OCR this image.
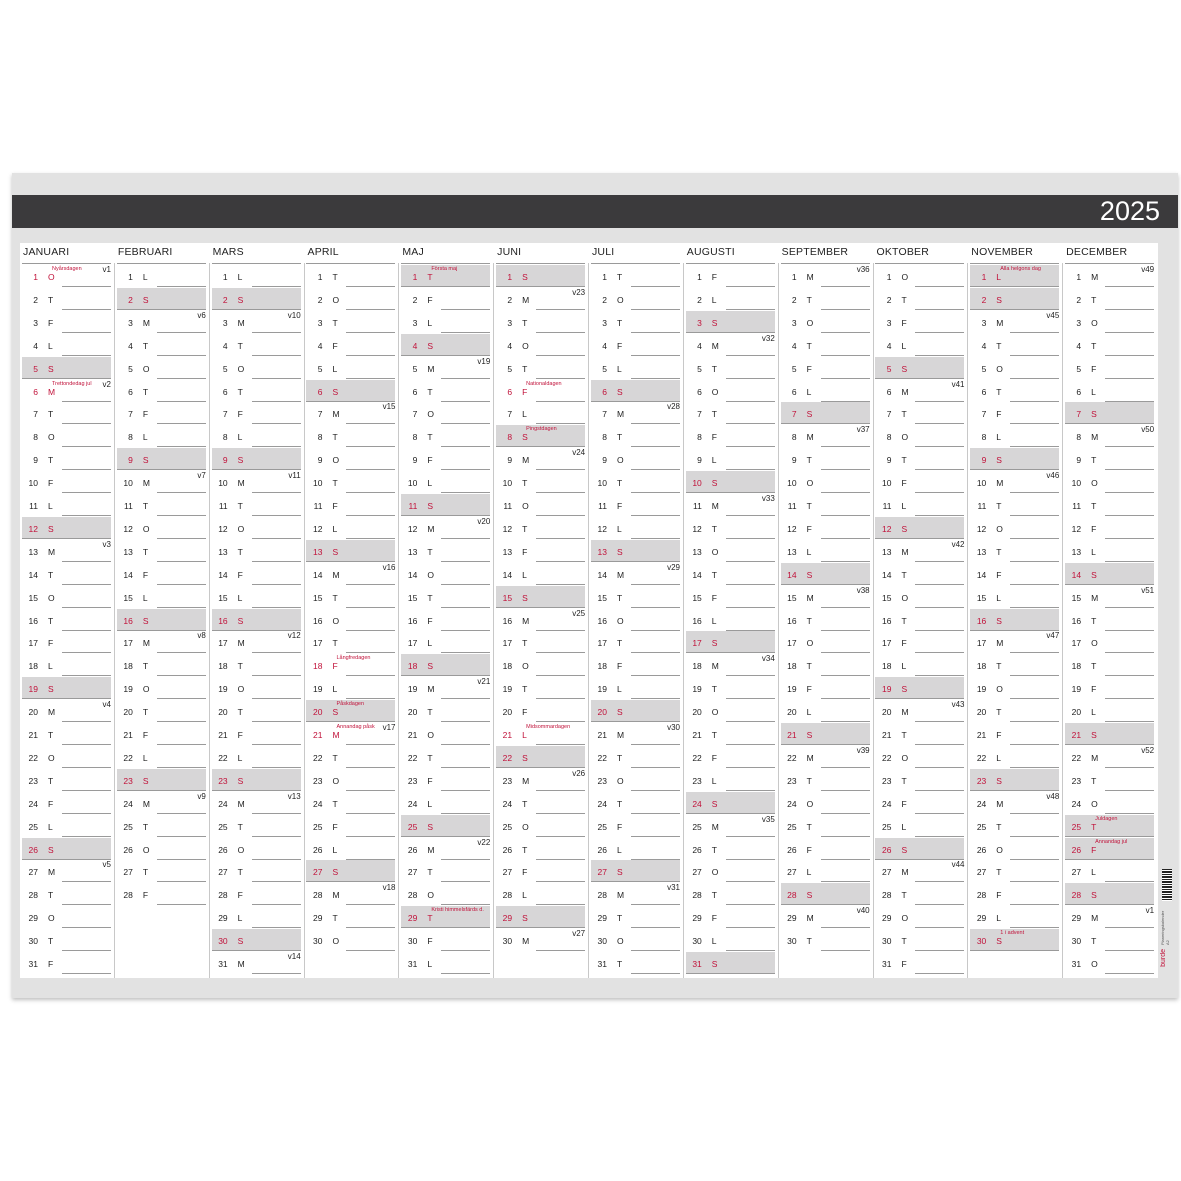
2025
JANUARI
1 O
Nyårsdagen	v1
2 T
3 F
4 L
5 S
6 M
Trettondedag jul v2
7 T
8 O
9 T
10 F
11 L
12 S
13 M
v3
14 T
15 O
16 T
17 F
18 L
19 S
20 M
v4
21 T
22 O
23 T
24 F
25 L
26 S
27 M
v5
28 T
29 O
30 T
31 F
FEBRUARI
1 L
2 S
3 M
v6
4 T
5 O
6 T
7 F
8 L
9 S
10 M
v7
11 T
12 O
13 T
14 F
15 L
16 S
17 M
v8
18 T
19 O
20 T
21 F
22 L
23 S
24 M
v9
25 T
26 O
27 T
28 F
MARS
1 L
2 S
3 M
v10
4 T
5 O
6 T
7 F
8 L
9 S
10 M
v11
11 T
12 O
13 T
14 F
15 L
16 S
17 M
v12
18 T
19 O
20 T
21 F
22 L
23 S
24 M
v13
25 T
26 O
27 T
28 F
29 L
30 S
31 M
v14
APRIL
1 T
2 O
3 T
4 F
5 L
6 S
7 M
v15
8 T
9 O
10 T
11 F
12 L
13 S
14 M
v16
15 T
16 O
17 T
18 F
Långfredagen
19 L
20 S
Påskdagen
21 M
Annandag påsk v17
22 T
23 O
24 T
25 F
26 L
27 S
28 M
v18
29 T
30 O
MAJ
1 T
Första maj
2 F
3 L
4 S
5 M
v19
6 T
7 O
8 T
9 F
10 L
11 S
12 M
v20
13 T
14 O
15 T
16 F
17 L
18 S
19 M
v21
20 T
21 O
22 T
23 F
24 L
25 S
26 M
v22
27 T
28 O
29 T
Kristi himmelsfärds d.
30 F
31 L
JUNI
1 S
2 M
v23
3 T
4 O
5 T
6 F
Nationaldagen
7 L
8 S
Pingstdagen
9 M
v24
10 T
11 O
12 T
13 F
14 L
15 S
16 M
v25
17 T
18 O
19 T
20 F
21 L
Midsommardagen
22 S
23 M
v26
24 T
25 O
26 T
27 F
28 L
29 S
30 M
v27
JULI
1 T
2 O
3 T
4 F
5 L
6 S
7 M
v28
8 T
9 O
10 T
11 F
12 L
13 S
14 M
v29
15 T
16 O
17 T
18 F
19 L
20 S
21 M
v30
22 T
23 O
24 T
25 F
26 L
27 S
28 M
v31
29 T
30 O
31 T
AUGUSTI
1 F
2 L
3 S
4 M
v32
5 T
6 O
7 T
8 F
9 L
10 S
11 M
v33
12 T
13 O
14 T
15 F
16 L
17 S
18 M
v34
19 T
20 O
21 T
22 F
23 L
24 S
25 M
v35
26 T
27 O
28 T
29 F
30 L
31 S
SEPTEMBER
1 M
v36
2 T
3 O
4 T
5 F
6 L
7 S
8 M
v37
9 T
10 O
11 T
12 F
13 L
14 S
15 M
v38
16 T
17 O
18 T
19 F
20 L
21 S
22 M
v39
23 T
24 O
25 T
26 F
27 L
28 S
29 M
v40
30 T
OKTOBER
1 O
2 T
3 F
4 L
5 S
6 M
v41
7 T
8 O
9 T
10 F
11 L
12 S
13 M
v42
14 T
15 O
16 T
17 F
18 L
19 S
20 M
v43
21 T
22 O
23 T
24 F
25 L
26 S
27 M
v44
28 T
29 O
30 T
31 F
NOVEMBER
1 L
Alla helgons dag
2 S
3 M
v45
4 T
5 O
6 T
7 F
8 L
9 S
10 M
v46
11 T
12 O
13 T
14 F
15 L
16 S
17 M
v47
18 T
19 O
20 T
21 F
22 L
23 S
24 M
v48
25 T
26 O
27 T
28 F
29 L
30 S
1 i advent
DECEMBER
1 M
v49
2 T
3 O
4 T
5 F
6 L
7 S
8 M
v50
9 T
10 O
11 T
12 F
13 L
14 S
15 M
v51
16 T
17 O
18 T
19 F
20 L
21 S
22 M
v52
23 T
24 O
25 T
Juldagen
26 F
Annandag jul
27 L
28 S
29 M
v1
30 T
31 O
Planeringskalender A2
burde
